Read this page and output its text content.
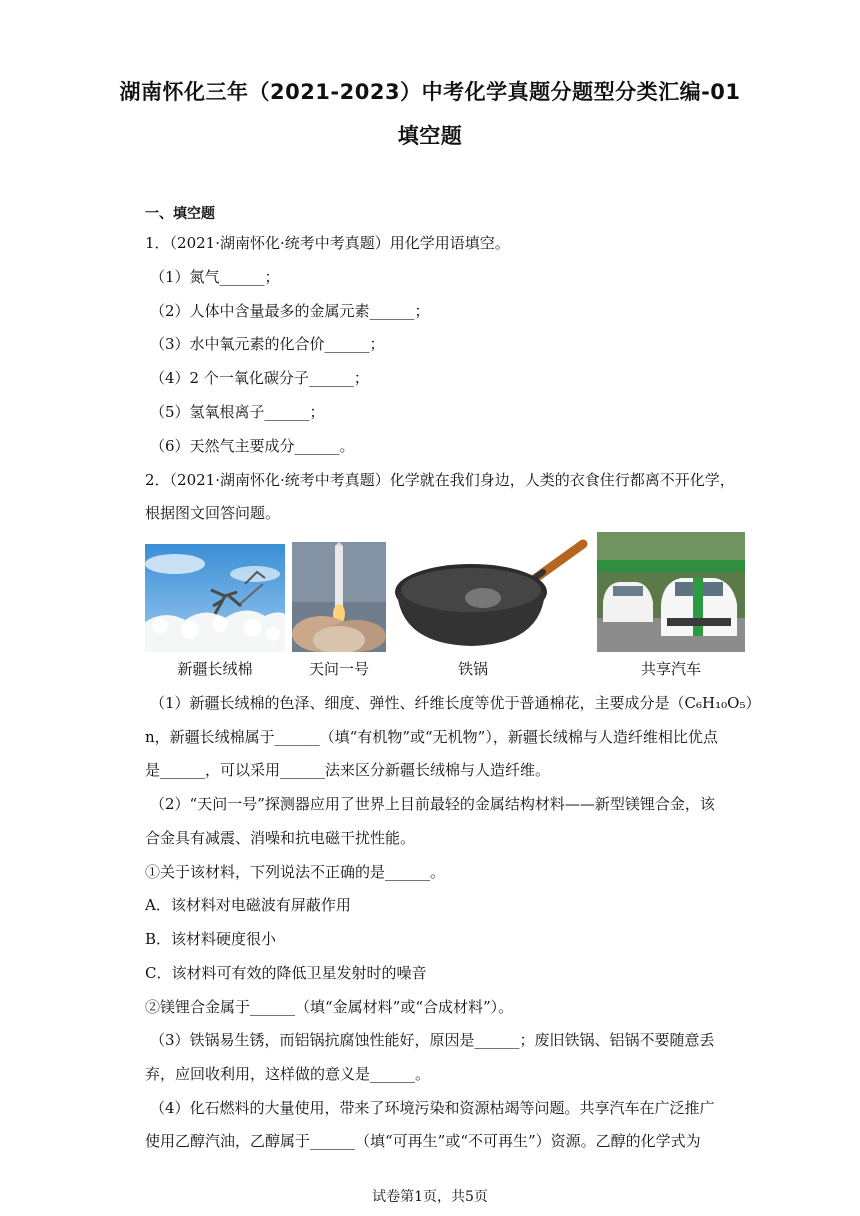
湖南怀化三年（2021-2023）中考化学真题分题型分类汇编-01
填空题
一、填空题
1．（2021·湖南怀化·统考中考真题）用化学用语填空。
（1）氮气______；
（2）人体中含量最多的金属元素______；
（3）水中氧元素的化合价______；
（4）2 个一氧化碳分子______；
（5）氢氧根离子______；
（6）天然气主要成分______。
2．（2021·湖南怀化·统考中考真题）化学就在我们身边，人类的衣食住行都离不开化学，
根据图文回答问题。
新疆长绒棉	天问一号	铁锅	共享汽车
（1）新疆长绒棉的色泽、细度、弹性、纤维长度等优于普通棉花，主要成分是（C₆H₁₀O₅）
n，新疆长绒棉属于______（填“有机物”或“无机物”），新疆长绒棉与人造纤维相比优点
是______，可以采用______法来区分新疆长绒棉与人造纤维。
（2）“天问一号”探测器应用了世界上目前最轻的金属结构材料——新型镁锂合金，该
合金具有减震、消噪和抗电磁干扰性能。
①关于该材料，下列说法不正确的是______。
A．该材料对电磁波有屏蔽作用
B．该材料硬度很小
C．该材料可有效的降低卫星发射时的噪音
②镁锂合金属于______（填“金属材料”或“合成材料”）。
（3）铁锅易生锈，而铝锅抗腐蚀性能好，原因是______；废旧铁锅、铝锅不要随意丢
弃，应回收利用，这样做的意义是______。
（4）化石燃料的大量使用，带来了环境污染和资源枯竭等问题。共享汽车在广泛推广
使用乙醇汽油，乙醇属于______（填“可再生”或“不可再生”）资源。乙醇的化学式为
试卷第1页，共5页
